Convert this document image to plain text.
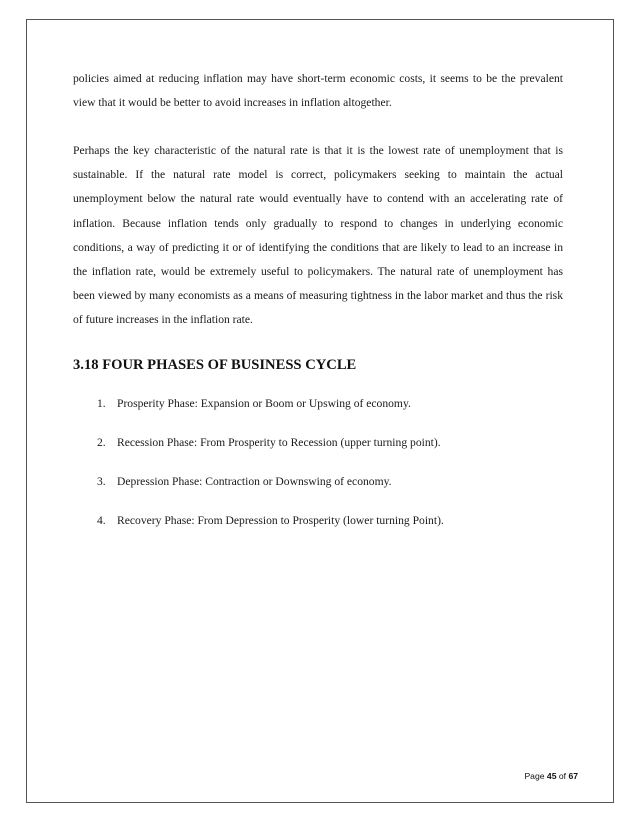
policies aimed at reducing inflation may have short-term economic costs, it seems to be the prevalent view that it would be better to avoid increases in inflation altogether.

Perhaps the key characteristic of the natural rate is that it is the lowest rate of unemployment that is sustainable. If the natural rate model is correct, policymakers seeking to maintain the actual unemployment below the natural rate would eventually have to contend with an accelerating rate of inflation. Because inflation tends only gradually to respond to changes in underlying economic conditions, a way of predicting it or of identifying the conditions that are likely to lead to an increase in the inflation rate, would be extremely useful to policymakers. The natural rate of unemployment has been viewed by many economists as a means of measuring tightness in the labor market and thus the risk of future increases in the inflation rate.

3.18 FOUR PHASES OF BUSINESS CYCLE
1. Prosperity Phase: Expansion or Boom or Upswing of economy.
2. Recession Phase: From Prosperity to Recession (upper turning point).
3. Depression Phase: Contraction or Downswing of economy.
4. Recovery Phase: From Depression to Prosperity (lower turning Point).
Page 45 of 67
